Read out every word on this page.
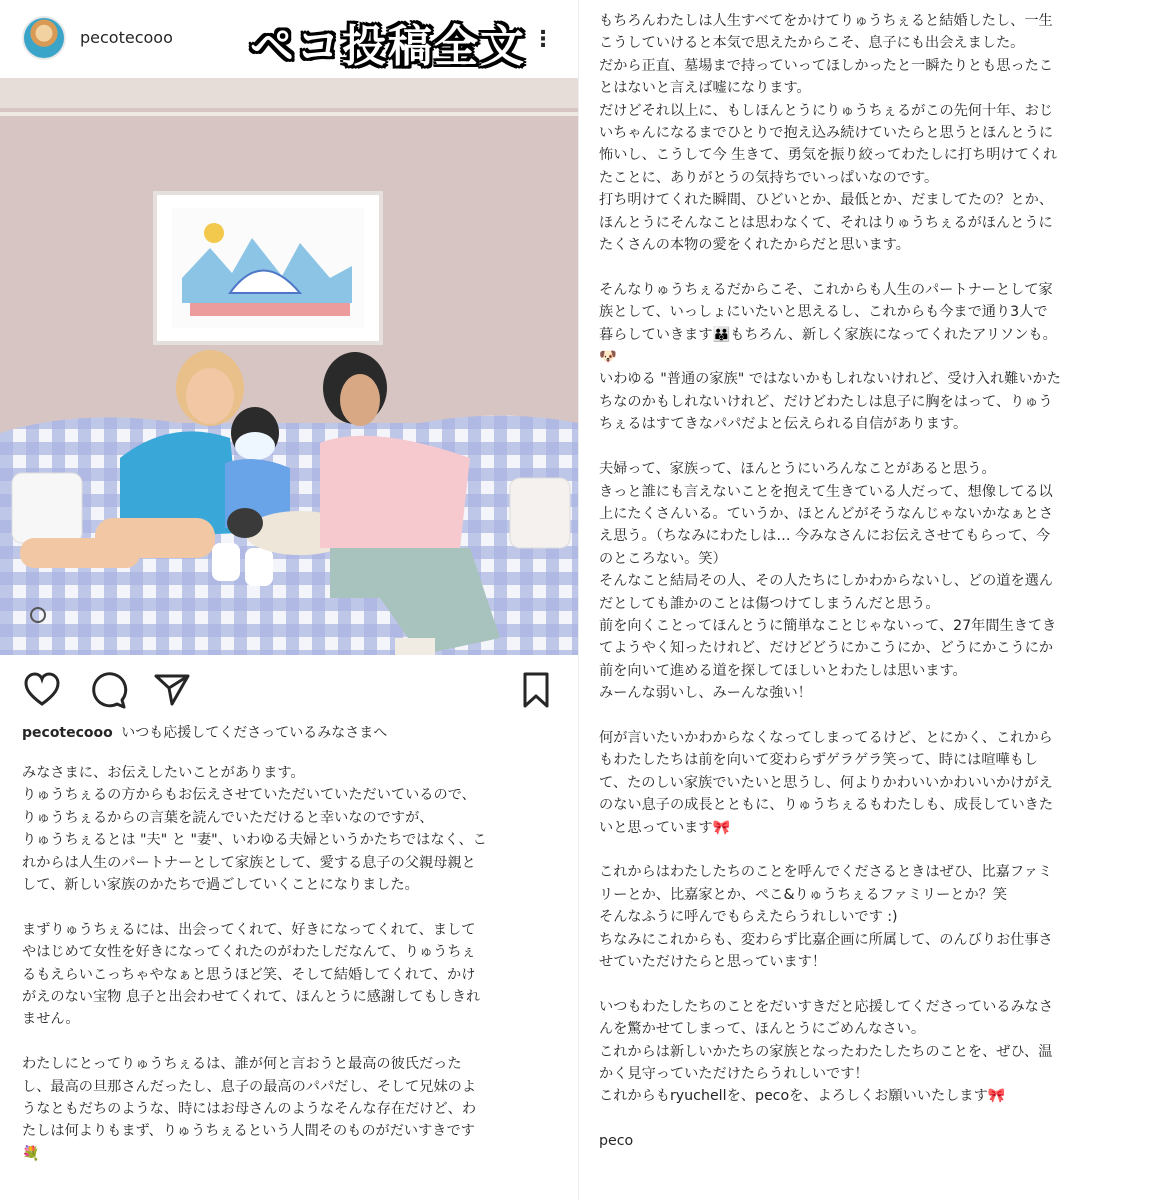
pecotecooo ペコ投稿全文 ⋮
pecotecooo いつも応援してくださっているみなさまへ
みなさまに、お伝えしたいことがあります。
りゅうちぇるの方からもお伝えさせていただいていただいているので、
りゅうちぇるからの言葉を読んでいただけると幸いなのですが、
りゅうちぇるとは "夫" と "妻"、いわゆる夫婦というかたちではなく、こ
れからは人生のパートナーとして家族として、愛する息子の父親母親と
して、新しい家族のかたちで過ごしていくことになりました。
まずりゅうちぇるには、出会ってくれて、好きになってくれて、まして
やはじめて女性を好きになってくれたのがわたしだなんて、りゅうちぇ
るもえらいこっちゃやなぁと思うほど笑、そして結婚してくれて、かけ
がえのない宝物 息子と出会わせてくれて、ほんとうに感謝してもしきれ
ません。
わたしにとってりゅうちぇるは、誰が何と言おうと最高の彼氏だった
し、最高の旦那さんだったし、息子の最高のパパだし、そして兄妹のよ
うなともだちのような、時にはお母さんのようなそんな存在だけど、わ
たしは何よりもまず、りゅうちぇるという人間そのものがだいすきです
💐
もちろんわたしは人生すべてをかけてりゅうちぇると結婚したし、一生
こうしていけると本気で思えたからこそ、息子にも出会えました。
だから正直、墓場まで持っていってほしかったと一瞬たりとも思ったこ
とはないと言えば嘘になります。
だけどそれ以上に、もしほんとうにりゅうちぇるがこの先何十年、おじ
いちゃんになるまでひとりで抱え込み続けていたらと思うとほんとうに
怖いし、こうして今 生きて、勇気を振り絞ってわたしに打ち明けてくれ
たことに、ありがとうの気持ちでいっぱいなのです。
打ち明けてくれた瞬間、ひどいとか、最低とか、だましてたの？とか、
ほんとうにそんなことは思わなくて、それはりゅうちぇるがほんとうに
たくさんの本物の愛をくれたからだと思います。
そんなりゅうちぇるだからこそ、これからも人生のパートナーとして家
族として、いっしょにいたいと思えるし、これからも今まで通り3人で
暮らしていきます👪もちろん、新しく家族になってくれたアリソンも。
🐶
いわゆる "普通の家族" ではないかもしれないけれど、受け入れ難いかた
ちなのかもしれないけれど、だけどわたしは息子に胸をはって、りゅう
ちぇるはすてきなパパだよと伝えられる自信があります。
夫婦って、家族って、ほんとうにいろんなことがあると思う。
きっと誰にも言えないことを抱えて生きている人だって、想像してる以
上にたくさんいる。ていうか、ほとんどがそうなんじゃないかなぁとさ
え思う。（ちなみにわたしは… 今みなさんにお伝えさせてもらって、今
のところない。笑）
そんなこと結局その人、その人たちにしかわからないし、どの道を選ん
だとしても誰かのことは傷つけてしまうんだと思う。
前を向くことってほんとうに簡単なことじゃないって、27年間生きてき
てようやく知ったけれど、だけどどうにかこうにか、どうにかこうにか
前を向いて進める道を探してほしいとわたしは思います。
みーんな弱いし、みーんな強い！
何が言いたいかわからなくなってしまってるけど、とにかく、これから
もわたしたちは前を向いて変わらずゲラゲラ笑って、時には喧嘩もし
て、たのしい家族でいたいと思うし、何よりかわいいかわいいかけがえ
のない息子の成長とともに、りゅうちぇるもわたしも、成長していきた
いと思っています🎀
これからはわたしたちのことを呼んでくださるときはぜひ、比嘉ファミ
リーとか、比嘉家とか、ぺこ&りゅうちぇるファミリーとか？笑
そんなふうに呼んでもらえたらうれしいです :)
ちなみにこれからも、変わらず比嘉企画に所属して、のんびりお仕事さ
せていただけたらと思っています！
いつもわたしたちのことをだいすきだと応援してくださっているみなさ
んを驚かせてしまって、ほんとうにごめんなさい。
これからは新しいかたちの家族となったわたしたちのことを、ぜひ、温
かく見守っていただけたらうれしいです！
これからもryuchellを、pecoを、よろしくお願いいたします🎀
peco
